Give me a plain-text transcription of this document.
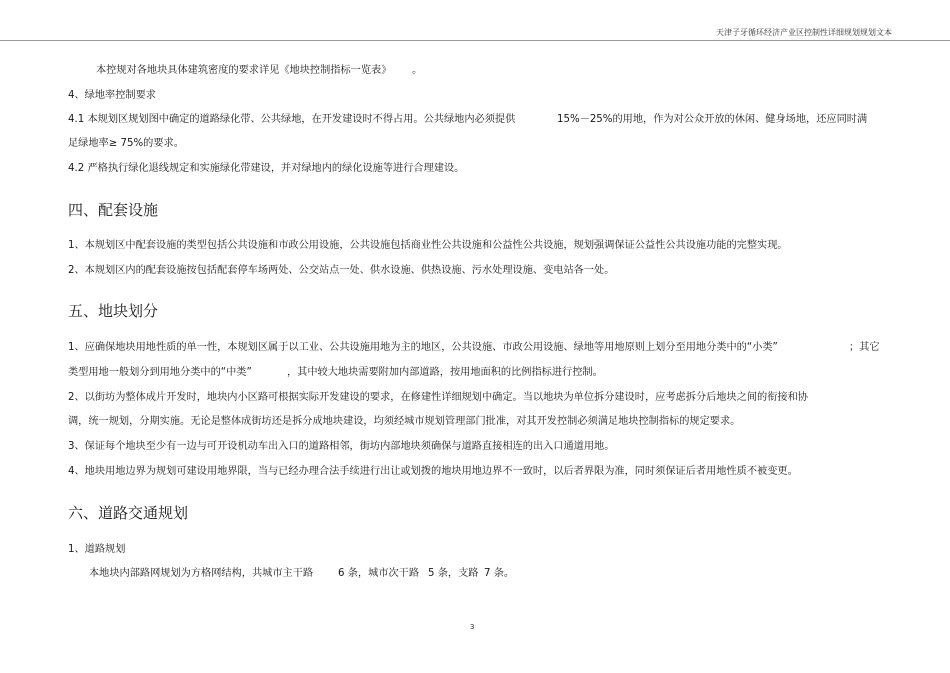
天津子牙循环经济产业区控制性详细规划规划文本
本控规对各地块具体建筑密度的要求详见《地块控制指标一览表》 。
4、绿地率控制要求
4.1 本规划区规划图中确定的道路绿化带、公共绿地，在开发建设时不得占用。公共绿地内必须提供	15%－25%的用地，作为对公众开放的休闲、健身场地，还应同时满
足绿地率≥ 75%的要求。
4.2 严格执行绿化退线规定和实施绿化带建设，并对绿地内的绿化设施等进行合理建设。
四、配套设施
1、本规划区中配套设施的类型包括公共设施和市政公用设施，公共设施包括商业性公共设施和公益性公共设施，规划强调保证公益性公共设施功能的完整实现。
2、本规划区内的配套设施按包括配套停车场两处、公交站点一处、供水设施、供热设施、污水处理设施、变电站各一处。
五、地块划分
1、应确保地块用地性质的单一性，本规划区属于以工业、公共设施用地为主的地区，公共设施、市政公用设施、绿地等用地原则上划分至用地分类中的“小类”	；其它
类型用地一般划分到用地分类中的“中类”	，其中较大地块需要附加内部道路，按用地面积的比例指标进行控制。
2、以街坊为整体成片开发时，地块内小区路可根据实际开发建设的要求，在修建性详细规划中确定。当以地块为单位拆分建设时，应考虑拆分后地块之间的衔接和协
调，统一规划，分期实施。无论是整体成街坊还是拆分成地块建设，均须经城市规划管理部门批准，对其开发控制必须满足地块控制指标的规定要求。
3、保证每个地块至少有一边与可开设机动车出入口的道路相邻，街坊内部地块须确保与道路直接相连的出入口通道用地。
4、地块用地边界为规划可建设用地界限，当与已经办理合法手续进行出让或划拨的地块用地边界不一致时，以后者界限为准，同时须保证后者用地性质不被变更。
六、道路交通规划
1、道路规划
本地块内部路网规划为方格网结构，共城市主干路 6 条，城市次干路 5 条，支路 7 条。
3
